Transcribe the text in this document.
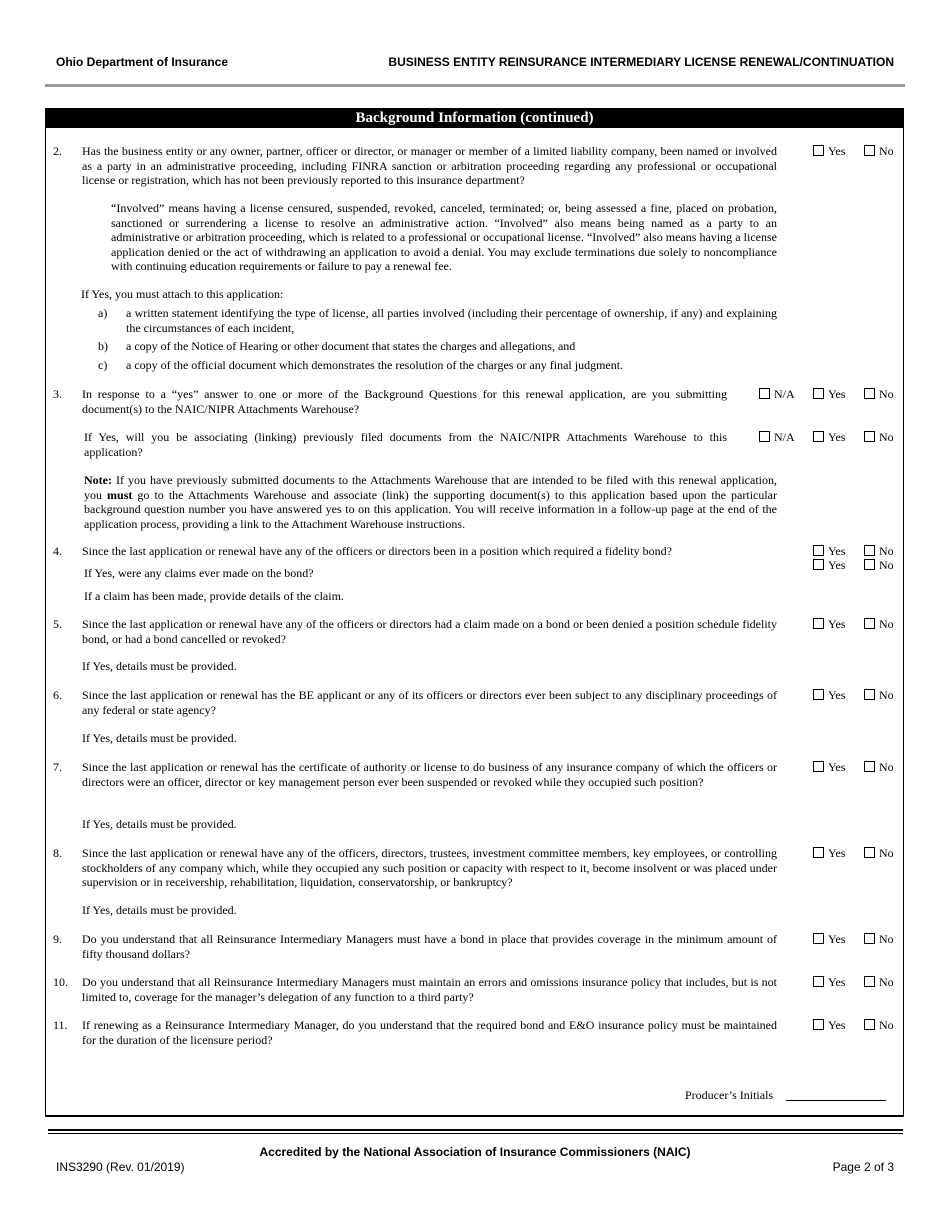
Ohio Department of Insurance	BUSINESS ENTITY REINSURANCE INTERMEDIARY LICENSE RENEWAL/CONTINUATION
Background Information (continued)
2. Has the business entity or any owner, partner, officer or director, or manager or member of a limited liability company, been named or involved as a party in an administrative proceeding, including FINRA sanction or arbitration proceeding regarding any professional or occupational license or registration, which has not been previously reported to this insurance department?
Yes	No
“Involved” means having a license censured, suspended, revoked, canceled, terminated; or, being assessed a fine, placed on probation, sanctioned or surrendering a license to resolve an administrative action. “Involved” also means being named as a party to an administrative or arbitration proceeding, which is related to a professional or occupational license. “Involved” also means having a license application denied or the act of withdrawing an application to avoid a denial. You may exclude terminations due solely to noncompliance with continuing education requirements or failure to pay a renewal fee.
If Yes, you must attach to this application:
a) a written statement identifying the type of license, all parties involved (including their percentage of ownership, if any) and explaining the circumstances of each incident,
b) a copy of the Notice of Hearing or other document that states the charges and allegations, and
c) a copy of the official document which demonstrates the resolution of the charges or any final judgment.
3. In response to a “yes” answer to one or more of the Background Questions for this renewal application, are you submitting document(s) to the NAIC/NIPR Attachments Warehouse?
N/A	Yes	No
If Yes, will you be associating (linking) previously filed documents from the NAIC/NIPR Attachments Warehouse to this application?
N/A	Yes	No
Note: If you have previously submitted documents to the Attachments Warehouse that are intended to be filed with this renewal application, you must go to the Attachments Warehouse and associate (link) the supporting document(s) to this application based upon the particular background question number you have answered yes to on this application. You will receive information in a follow-up page at the end of the application process, providing a link to the Attachment Warehouse instructions.
4. Since the last application or renewal have any of the officers or directors been in a position which required a fidelity bond?	Yes	No
Yes	No
If Yes, were any claims ever made on the bond?
If a claim has been made, provide details of the claim.
5. Since the last application or renewal have any of the officers or directors had a claim made on a bond or been denied a position schedule fidelity bond, or had a bond cancelled or revoked?
Yes	No
If Yes, details must be provided.
6. Since the last application or renewal has the BE applicant or any of its officers or directors ever been subject to any disciplinary proceedings of any federal or state agency?
Yes	No
If Yes, details must be provided.
7. Since the last application or renewal has the certificate of authority or license to do business of any insurance company of which the officers or directors were an officer, director or key management person ever been suspended or revoked while they occupied such position?
Yes	No
If Yes, details must be provided.
8. Since the last application or renewal have any of the officers, directors, trustees, investment committee members, key employees, or controlling stockholders of any company which, while they occupied any such position or capacity with respect to it, become insolvent or was placed under supervision or in receivership, rehabilitation, liquidation, conservatorship, or bankruptcy?
Yes	No
If Yes, details must be provided.
9. Do you understand that all Reinsurance Intermediary Managers must have a bond in place that provides coverage in the minimum amount of fifty thousand dollars?
Yes	No
10. Do you understand that all Reinsurance Intermediary Managers must maintain an errors and omissions insurance policy that includes, but is not limited to, coverage for the manager’s delegation of any function to a third party?
Yes	No
11. If renewing as a Reinsurance Intermediary Manager, do you understand that the required bond and E&O insurance policy must be maintained for the duration of the licensure period?
Yes	No
Producer’s Initials
Accredited by the National Association of Insurance Commissioners (NAIC)
INS3290 (Rev. 01/2019)	Page 2 of 3
